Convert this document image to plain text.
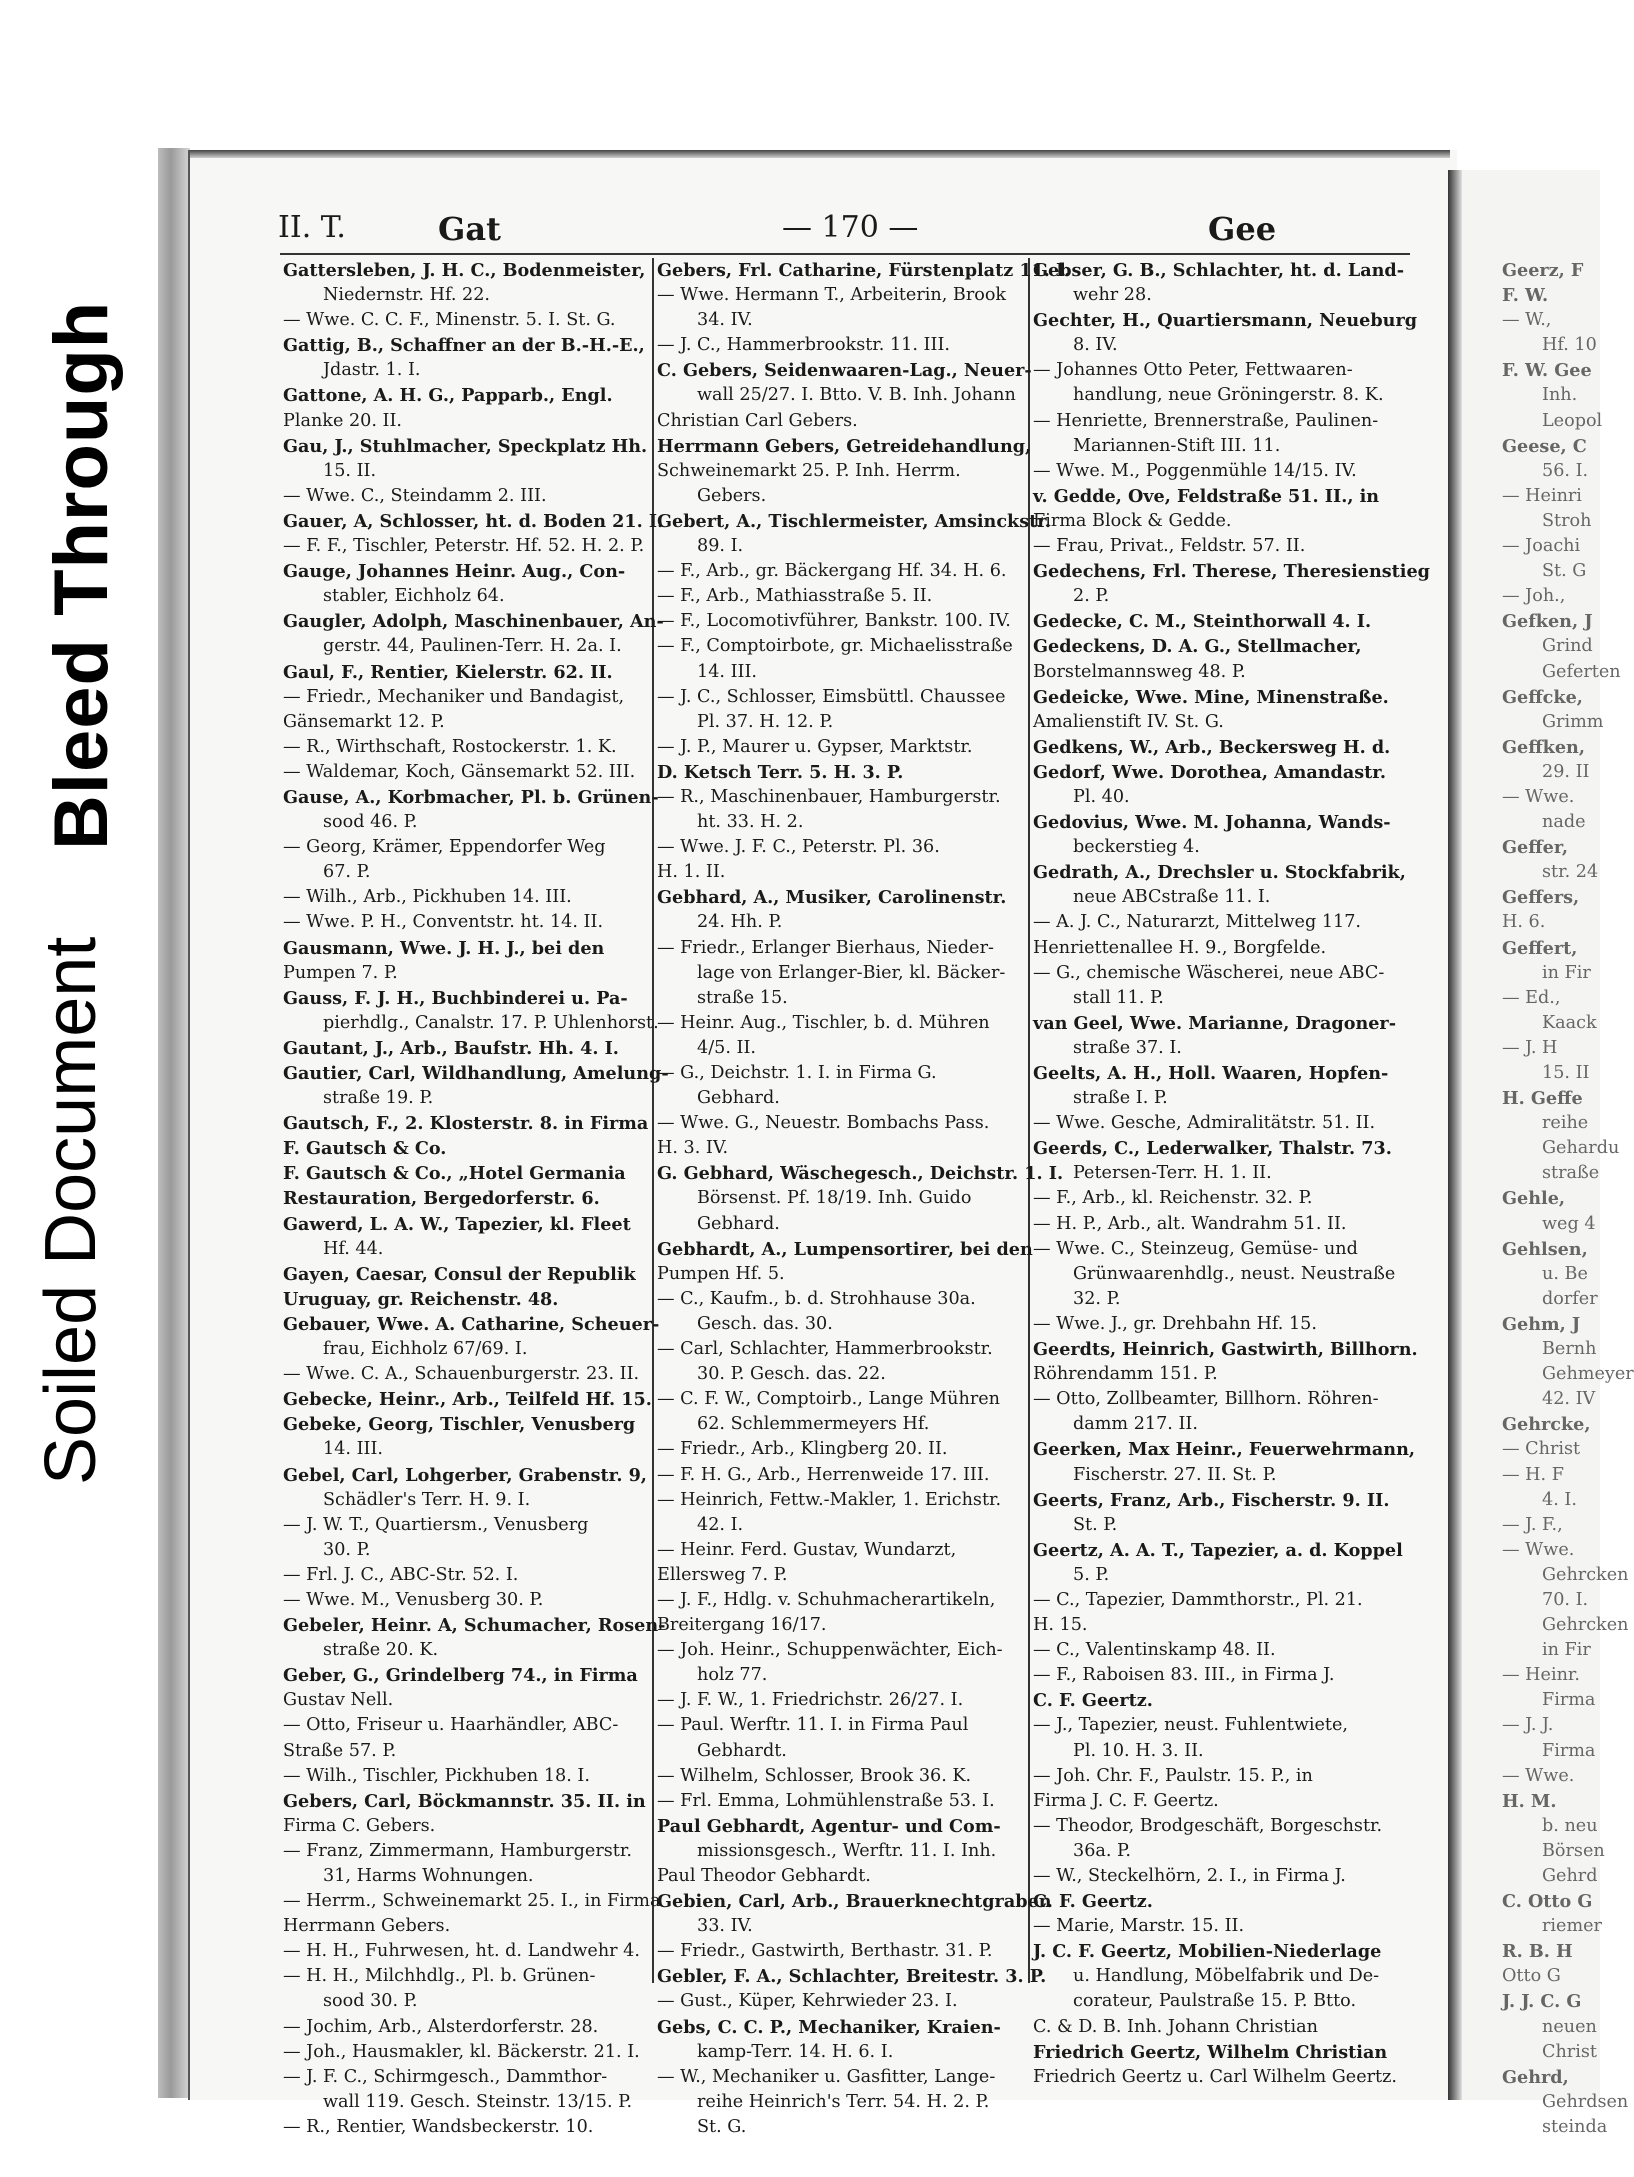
Bleed Through
Soiled Document
II. T.	Gat	— 170 —	Gee
Gattersleben, J. H. C., Bodenmeister,
Niedernstr. Hf. 22.
— Wwe. C. C. F., Minenstr. 5. I. St. G.
Gattig, B., Schaffner an der B.-H.-E.,
Jdastr. 1. I.
Gattone, A. H. G., Papparb., Engl.
Planke 20. II.
Gau, J., Stuhlmacher, Speckplatz Hh.
15. II.
— Wwe. C., Steindamm 2. III.
Gauer, A, Schlosser, ht. d. Boden 21. I.
— F. F., Tischler, Peterstr. Hf. 52. H. 2. P.
Gauge, Johannes Heinr. Aug., Con-
stabler, Eichholz 64.
Gaugler, Adolph, Maschinenbauer, An-
gerstr. 44, Paulinen-Terr. H. 2a. I.
Gaul, F., Rentier, Kielerstr. 62. II.
— Friedr., Mechaniker und Bandagist,
Gänsemarkt 12. P.
— R., Wirthschaft, Rostockerstr. 1. K.
— Waldemar, Koch, Gänsemarkt 52. III.
Gause, A., Korbmacher, Pl. b. Grünen-
sood 46. P.
— Georg, Krämer, Eppendorfer Weg
67. P.
— Wilh., Arb., Pickhuben 14. III.
— Wwe. P. H., Conventstr. ht. 14. II.
Gausmann, Wwe. J. H. J., bei den
Pumpen 7. P.
Gauss, F. J. H., Buchbinderei u. Pa-
pierhdlg., Canalstr. 17. P. Uhlenhorst.
Gautant, J., Arb., Baufstr. Hh. 4. I.
Gautier, Carl, Wildhandlung, Amelung-
straße 19. P.
Gautsch, F., 2. Klosterstr. 8. in Firma
F. Gautsch & Co.
F. Gautsch & Co., „Hotel Germania
Restauration, Bergedorferstr. 6.
Gawerd, L. A. W., Tapezier, kl. Fleet
Hf. 44.
Gayen, Caesar, Consul der Republik
Uruguay, gr. Reichenstr. 48.
Gebauer, Wwe. A. Catharine, Scheuer-
frau, Eichholz 67/69. I.
— Wwe. C. A., Schauenburgerstr. 23. II.
Gebecke, Heinr., Arb., Teilfeld Hf. 15.
Gebeke, Georg, Tischler, Venusberg
14. III.
Gebel, Carl, Lohgerber, Grabenstr. 9,
Schädler's Terr. H. 9. I.
— J. W. T., Quartiersm., Venusberg
30. P.
— Frl. J. C., ABC-Str. 52. I.
— Wwe. M., Venusberg 30. P.
Gebeler, Heinr. A, Schumacher, Rosen-
straße 20. K.
Geber, G., Grindelberg 74., in Firma
Gustav Nell.
— Otto, Friseur u. Haarhändler, ABC-
Straße 57. P.
— Wilh., Tischler, Pickhuben 18. I.
Gebers, Carl, Böckmannstr. 35. II. in
Firma C. Gebers.
— Franz, Zimmermann, Hamburgerstr.
31, Harms Wohnungen.
— Herrm., Schweinemarkt 25. I., in Firma
Herrmann Gebers.
— H. H., Fuhrwesen, ht. d. Landwehr 4.
— H. H., Milchhdlg., Pl. b. Grünen-
sood 30. P.
— Jochim, Arb., Alsterdorferstr. 28.
— Joh., Hausmakler, kl. Bäckerstr. 21. I.
— J. F. C., Schirmgesch., Dammthor-
wall 119. Gesch. Steinstr. 13/15. P.
— R., Rentier, Wandsbeckerstr. 10.
Gebers, Frl. Catharine, Fürstenplatz 11. I.
— Wwe. Hermann T., Arbeiterin, Brook
34. IV.
— J. C., Hammerbrookstr. 11. III.
C. Gebers, Seidenwaaren-Lag., Neuer-
wall 25/27. I. Btto. V. B. Inh. Johann
Christian Carl Gebers.
Herrmann Gebers, Getreidehandlung,
Schweinemarkt 25. P. Inh. Herrm.
Gebers.
Gebert, A., Tischlermeister, Amsinckstr.
89. I.
— F., Arb., gr. Bäckergang Hf. 34. H. 6.
— F., Arb., Mathiasstraße 5. II.
— F., Locomotivführer, Bankstr. 100. IV.
— F., Comptoirbote, gr. Michaelisstraße
14. III.
— J. C., Schlosser, Eimsbüttl. Chaussee
Pl. 37. H. 12. P.
— J. P., Maurer u. Gypser, Marktstr.
D. Ketsch Terr. 5. H. 3. P.
— R., Maschinenbauer, Hamburgerstr.
ht. 33. H. 2.
— Wwe. J. F. C., Peterstr. Pl. 36.
H. 1. II.
Gebhard, A., Musiker, Carolinenstr.
24. Hh. P.
— Friedr., Erlanger Bierhaus, Nieder-
lage von Erlanger-Bier, kl. Bäcker-
straße 15.
— Heinr. Aug., Tischler, b. d. Mühren
4/5. II.
— G., Deichstr. 1. I. in Firma G.
Gebhard.
— Wwe. G., Neuestr. Bombachs Pass.
H. 3. IV.
G. Gebhard, Wäschegesch., Deichstr. 1. I.
Börsenst. Pf. 18/19. Inh. Guido
Gebhard.
Gebhardt, A., Lumpensortirer, bei den
Pumpen Hf. 5.
— C., Kaufm., b. d. Strohhause 30a.
Gesch. das. 30.
— Carl, Schlachter, Hammerbrookstr.
30. P. Gesch. das. 22.
— C. F. W., Comptoirb., Lange Mühren
62. Schlemmermeyers Hf.
— Friedr., Arb., Klingberg 20. II.
— F. H. G., Arb., Herrenweide 17. III.
— Heinrich, Fettw.-Makler, 1. Erichstr.
42. I.
— Heinr. Ferd. Gustav, Wundarzt,
Ellersweg 7. P.
— J. F., Hdlg. v. Schuhmacherartikeln,
Breitergang 16/17.
— Joh. Heinr., Schuppenwächter, Eich-
holz 77.
— J. F. W., 1. Friedrichstr. 26/27. I.
— Paul. Werftr. 11. I. in Firma Paul
Gebhardt.
— Wilhelm, Schlosser, Brook 36. K.
— Frl. Emma, Lohmühlenstraße 53. I.
Paul Gebhardt, Agentur- und Com-
missionsgesch., Werftr. 11. I. Inh.
Paul Theodor Gebhardt.
Gebien, Carl, Arb., Brauerknechtgraben
33. IV.
— Friedr., Gastwirth, Berthastr. 31. P.
Gebler, F. A., Schlachter, Breitestr. 3. P.
— Gust., Küper, Kehrwieder 23. I.
Gebs, C. C. P., Mechaniker, Kraien-
kamp-Terr. 14. H. 6. I.
— W., Mechaniker u. Gasfitter, Lange-
reihe Heinrich's Terr. 54. H. 2. P.
St. G.
Gebser, G. B., Schlachter, ht. d. Land-
wehr 28.
Gechter, H., Quartiersmann, Neueburg
8. IV.
— Johannes Otto Peter, Fettwaaren-
handlung, neue Gröningerstr. 8. K.
— Henriette, Brennerstraße, Paulinen-
Mariannen-Stift III. 11.
— Wwe. M., Poggenmühle 14/15. IV.
v. Gedde, Ove, Feldstraße 51. II., in
Firma Block & Gedde.
— Frau, Privat., Feldstr. 57. II.
Gedechens, Frl. Therese, Theresienstieg
2. P.
Gedecke, C. M., Steinthorwall 4. I.
Gedeckens, D. A. G., Stellmacher,
Borstelmannsweg 48. P.
Gedeicke, Wwe. Mine, Minenstraße.
Amalienstift IV. St. G.
Gedkens, W., Arb., Beckersweg H. d.
Gedorf, Wwe. Dorothea, Amandastr.
Pl. 40.
Gedovius, Wwe. M. Johanna, Wands-
beckerstieg 4.
Gedrath, A., Drechsler u. Stockfabrik,
neue ABCstraße 11. I.
— A. J. C., Naturarzt, Mittelweg 117.
Henriettenallee H. 9., Borgfelde.
— G., chemische Wäscherei, neue ABC-
stall 11. P.
van Geel, Wwe. Marianne, Dragoner-
straße 37. I.
Geelts, A. H., Holl. Waaren, Hopfen-
straße I. P.
— Wwe. Gesche, Admiralitätstr. 51. II.
Geerds, C., Lederwalker, Thalstr. 73.
Petersen-Terr. H. 1. II.
— F., Arb., kl. Reichenstr. 32. P.
— H. P., Arb., alt. Wandrahm 51. II.
— Wwe. C., Steinzeug, Gemüse- und
Grünwaarenhdlg., neust. Neustraße
32. P.
— Wwe. J., gr. Drehbahn Hf. 15.
Geerdts, Heinrich, Gastwirth, Billhorn.
Röhrendamm 151. P.
— Otto, Zollbeamter, Billhorn. Röhren-
damm 217. II.
Geerken, Max Heinr., Feuerwehrmann,
Fischerstr. 27. II. St. P.
Geerts, Franz, Arb., Fischerstr. 9. II.
St. P.
Geertz, A. A. T., Tapezier, a. d. Koppel
5. P.
— C., Tapezier, Dammthorstr., Pl. 21.
H. 15.
— C., Valentinskamp 48. II.
— F., Raboisen 83. III., in Firma J.
C. F. Geertz.
— J., Tapezier, neust. Fuhlentwiete,
Pl. 10. H. 3. II.
— Joh. Chr. F., Paulstr. 15. P., in
Firma J. C. F. Geertz.
— Theodor, Brodgeschäft, Borgeschstr.
36a. P.
— W., Steckelhörn, 2. I., in Firma J.
C. F. Geertz.
— Marie, Marstr. 15. II.
J. C. F. Geertz, Mobilien-Niederlage
u. Handlung, Möbelfabrik und De-
corateur, Paulstraße 15. P. Btto.
C. & D. B. Inh. Johann Christian
Friedrich Geertz, Wilhelm Christian
Friedrich Geertz u. Carl Wilhelm Geertz.
Geerz, F
F. W.
— W.,
Hf. 10
F. W. Gee
Inh.
Leopol
Geese, C
56. I.
— Heinri
Stroh
— Joachi
St. G
— Joh.,
Gefken, J
Grind
Geferten
Geffcke,
Grimm
Geffken,
29. II
— Wwe.
nade
Geffer,
str. 24
Geffers,
H. 6.
Geffert,
in Fir
— Ed.,
Kaack
— J. H
15. II
H. Geffe
reihe
Gehardu
straße
Gehle,
weg 4
Gehlsen,
u. Be
dorfer
Gehm, J
Bernh
Gehmeyer
42. IV
Gehrcke,
— Christ
— H. F
4. I.
— J. F.,
— Wwe.
Gehrcken
70. I.
Gehrcken
in Fir
— Heinr.
Firma
— J. J.
Firma
— Wwe.
H. M.
b. neu
Börsen
Gehrd
C. Otto G
riemer
R. B. H
Otto G
J. J. C. G
neuen
Christ
Gehrd,
Gehrdsen
steinda
